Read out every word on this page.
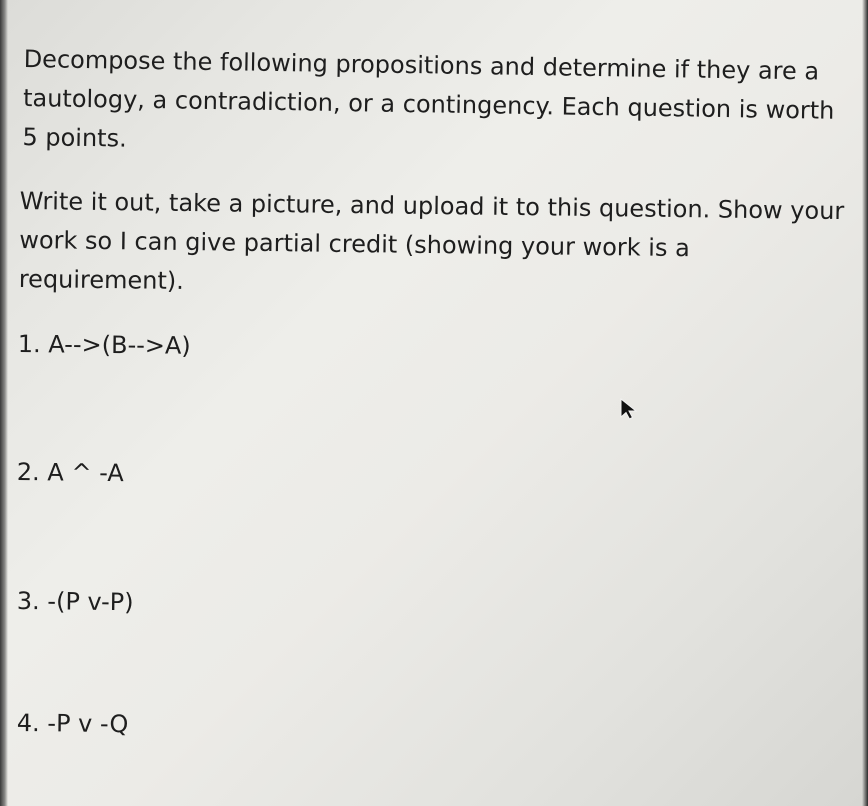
Decompose the following propositions and determine if they are a
tautology, a contradiction, or a contingency. Each question is worth
5 points.

Write it out, take a picture, and upload it to this question. Show your
work so I can give partial credit (showing your work is a
requirement).

1. A-->(B-->A)

2. A ^ -A

3. -(P v-P)

4. -P v -Q
